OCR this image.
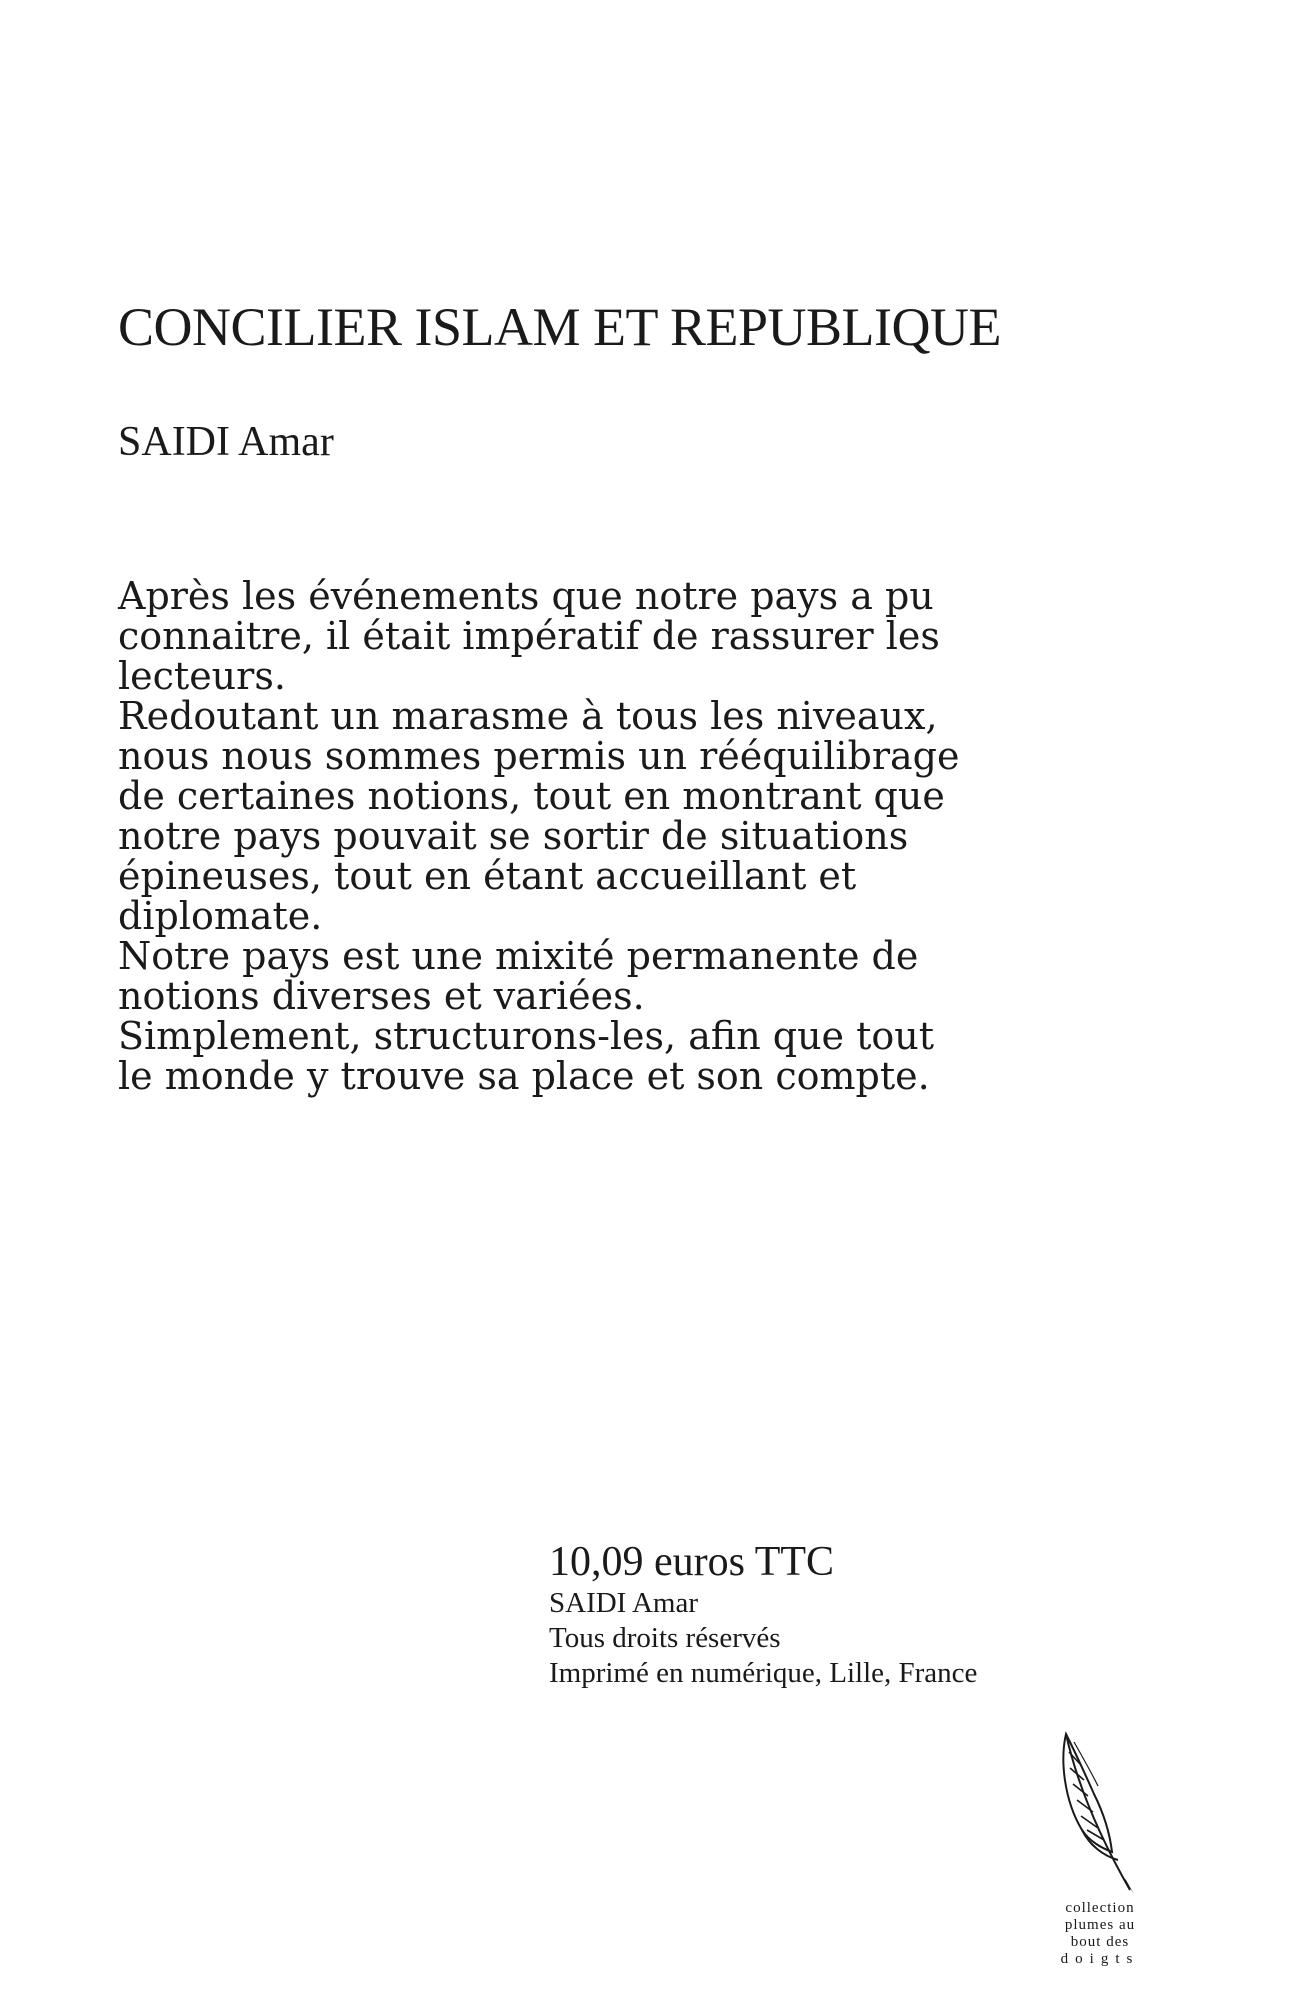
CONCILIER ISLAM ET REPUBLIQUE

SAIDI Amar

Après les événements que notre pays a pu connaitre, il était impératif de rassurer les lecteurs.
Redoutant un marasme à tous les niveaux, nous nous sommes permis un rééquilibrage de certaines notions, tout en montrant que notre pays pouvait se sortir de situations épineuses, tout en étant accueillant et diplomate.
Notre pays est une mixité permanente de notions diverses et variées.
Simplement, structurons-les, afin que tout le monde y trouve sa place et son compte.
10,09 euros TTC
SAIDI Amar
Tous droits réservés
Imprimé en numérique, Lille, France
collection
plumes au
bout des
doigts
